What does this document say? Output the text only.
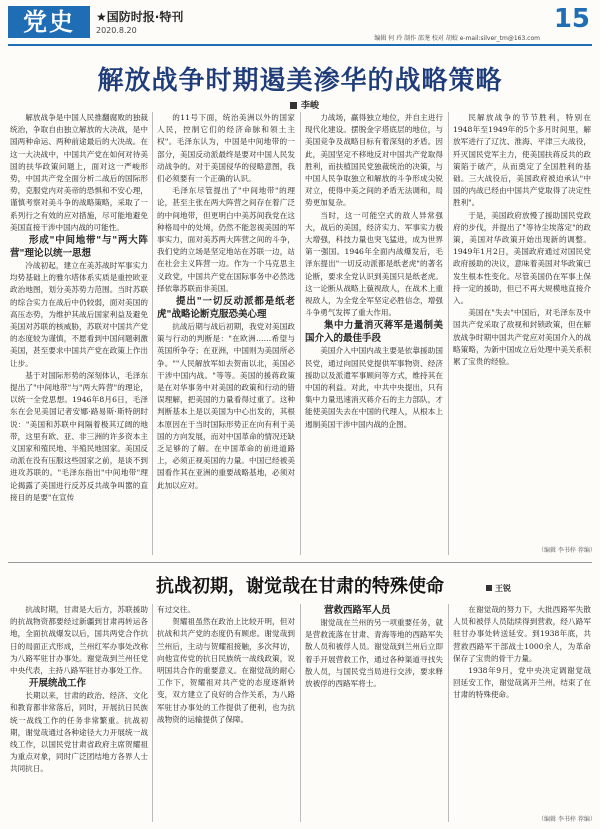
党史	★国防时报·特刊
2020.8.20
编辑 何 玲 制作 邵荛 校对 胡蛟 e-mail:silver_tm@163.com
15
解放战争时期遏美渗华的战略策略
李峻

解放战争是中国人民推翻腐败的独裁统治，争取自由独立解放的大决战，是中国两种命运、两种前途最后的大决战。在这一大决战中，中国共产党在如何对待美国的扶华政策问题上，面对这一严峻形势，中国共产党全面分析二战后的国际形势，克服党内对美帝的恐惧和不安心理，谨慎考察对美斗争的战略策略，采取了一系列行之有效的应对措施，尽可能地避免美国直接干涉中国内战的可能性。

形成"中间地带"与"两大阵营"理论以统一思想

冷战初起，建立在美苏战时军事实力均势基础上的雅尔塔体系实质是重控欧亚政治地图，划分美苏势力范围。当时苏联的综合实力在战后中仍较弱，面对美国的高压态势，为维护其战后国家利益及避免美国对苏联的核威胁，苏联对中国共产党的态度较为谨慎，不愿看到中国问题刺激美国，甚至要求中国共产党在政策上作出让步。

基于对国际形势的深刻体认，毛泽东提出了"中间地带"与"两大阵营"的理论，以统一全党思想。1946年8月6日，毛泽东在会见美国记者安娜·路易斯·斯特朗时说："美国和苏联中间隔着极其辽阔的地带，这里有欧、亚、非三洲的许多资本主义国家和殖民地、半殖民地国家。美国反动派在没有压服这些国家之前，是谈不到进攻苏联的。"毛泽东指出"中间地带"理论揭露了美国进行反苏反共战争叫嚣的直接目的是要"在宣传

的11号下面，统治美洲以外的国家人民，控制它们的经济命脉和领土主权"。毛泽东认为，中国是中间地带的一部分，美国反动派最终是要对中国人民发动战争的。对于美国侵华的侵略意图，我们必须要有一个正确的认识。

毛泽东尽管提出了"中间地带"的理论，甚至主张在两大阵营之间存在着广泛的中间地带，但更明白中美苏间我党在这种格局中的处境，仍然不能忽视美国的军事实力，面对美苏两大阵营之间的斗争，我们党的立场是坚定地站在苏联一边，站在社会主义阵营一边。作为一个马克思主义政党，中国共产党在国际事务中必然选择依靠苏联而非美国。

提出"一切反动派都是纸老虎"战略论断克服恐美心理

抗战后期与战后初期，我党对美国政策与行动的判断是："在欧洲……希望与英国所争夺；在亚洲，中国则为美国所必争。""人民解放军如去贺南以北，美国必干涉中国内战。"等等。美国的援蒋政策是在对华事务中对美国的政策和行动的错误理解，把美国的力量看得过重了。这种判断基本上是以美国为中心出发的，其根本原因在于当时国际形势正在向有利于美国的方向发展，而对中国革命的情况还缺乏足够的了解。在中国革命的前进道路上，必须正视美国的力量。中国已经被美国看作其在亚洲的重要战略基地，必须对此加以应对。

力战场，赢得独立地位，并自主进行现代化建设。摆脱金字塔底层的地位，与美国竞争及战略目标有着深刻的矛盾。因此，美国坚定不移地反对中国共产党取得胜利，而扶植国民党独裁统治的决策，与中国人民争取独立和解放的斗争形成尖锐对立，使得中美之间的矛盾无法调和，局势更加复杂。

当时，这一可能空式的敌人异常强大，战后的美国，经济实力、军事实力极大增强，科技力量也突飞猛进，成为世界第一强国。1946年全面内战爆发后，毛泽东提出"一切反动派都是纸老虎"的著名论断，要求全党认识到美国只是纸老虎。这一论断从战略上藐视敌人，在战术上重视敌人，为全党全军坚定必胜信念，增强斗争勇气发挥了重大作用。

集中力量消灭蒋军是遏制美国介入的最佳手段

美国介入中国内战主要是依靠援助国民党，通过向国民党提供军事物资、经济援助以及派遣军事顾问等方式，维持其在中国的利益。对此，中共中央提出，只有集中力量迅速消灭蒋介石的主力部队，才能使美国失去在中国的代理人，从根本上遏制美国干涉中国内战的企图。

民解放战争的节节胜利，特别在1948年至1949年的5个多月时间里，解放军进行了辽沈、淮海、平津三大战役，歼灭国民党军主力，使美国扶蒋反共的政策陷于破产，从而奠定了全国胜利的基础。三大战役后，美国政府被迫承认"中国的内战已经由中国共产党取得了决定性胜利"。

于是，美国政府放慢了援助国民党政府的步伐，并提出了"等待尘埃落定"的政策，美国对华政策开始出现新的调整。1949年1月2日，美国政府通过对国民党政府援助的决议，意味着美国对华政策已发生根本性变化。尽管美国仍在军事上保持一定的援助，但已不再大规模地直接介入。

美国在"失去"中国后，对毛泽东及中国共产党采取了敌视和封锁政策，但在解放战争时期中国共产党应对美国介入的战略策略，为新中国成立后处理中美关系积累了宝贵的经验。

（编辑 李书梓 荐编）
抗战初期，谢觉哉在甘肃的特殊使命	王锐

抗战时期，甘肃是大后方，苏联援助的抗战物资都要经过新疆到甘肃再转运各地，全面抗战爆发以后，国共两党合作抗日的局面正式形成，兰州红军办事处改称为八路军驻甘办事处。谢觉哉到兰州任党中央代表，主持八路军驻甘办事处工作。

开展统战工作

长期以来，甘肃的政治、经济、文化和教育都非常落后，同时，开展抗日民族统一战线工作的任务非常繁重。抗战初期，谢觉哉通过各种途径大力开展统一战线工作，以国民党甘肃省政府主席贺耀祖为重点对象，同时广泛团结地方各界人士共同抗日。

有过交往。

贺耀祖虽然在政治上比较开明，但对抗战和共产党的态度仍有顾虑。谢觉哉到兰州后，主动与贺耀祖接触，多次拜访，向他宣传党的抗日民族统一战线政策，说明国共合作的重要意义。在谢觉哉的耐心工作下，贺耀祖对共产党的态度逐渐转变，双方建立了良好的合作关系，为八路军驻甘办事处的工作提供了便利，也为抗战物资的运输提供了保障。

营救西路军人员

谢觉哉在兰州的另一项重要任务，就是营救流落在甘肃、青海等地的西路军失散人员和被俘人员。谢觉哉到兰州后立即着手开展营救工作，通过各种渠道寻找失散人员，与国民党当局进行交涉，要求释放被俘的西路军将士。

在谢觉哉的努力下，大批西路军失散人员和被俘人员陆续得到营救，经八路军驻甘办事处转送延安。到1938年底，共营救西路军干部战士1000余人，为革命保存了宝贵的骨干力量。

1938年9月，党中央决定调谢觉哉回延安工作，谢觉哉离开兰州，结束了在甘肃的特殊使命。

（编辑 李书梓 荐编）
